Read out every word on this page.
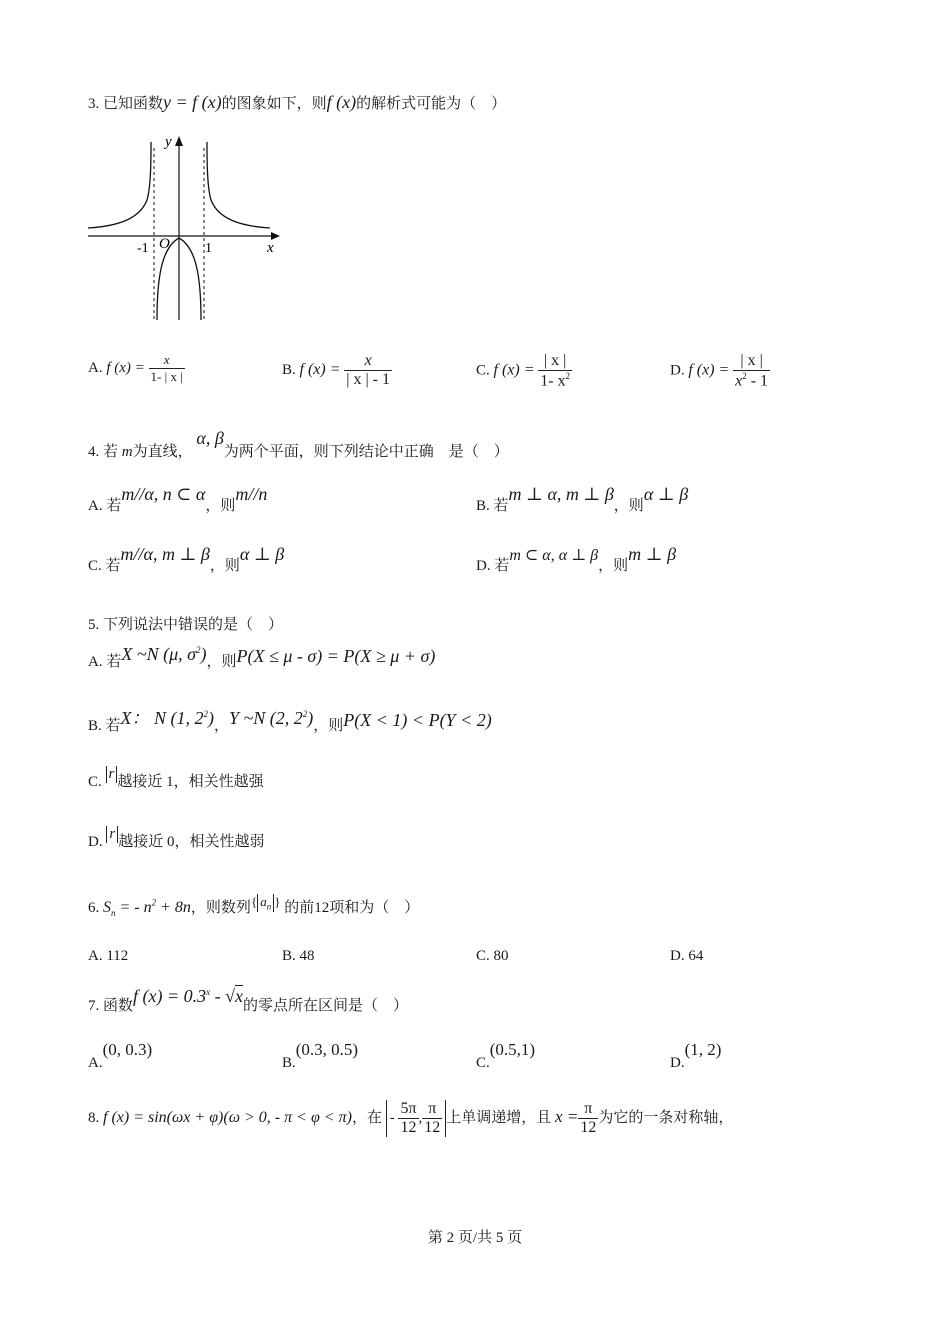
3. 已知函数y = f (x)的图象如下，则f (x)的解析式可能为（　）
y
x
O
-1	1
A. f $(x) = \frac{x}{1- | x |}$	B. f $(x) = \frac{x}{| x | - 1}$	C. f $(x) = \frac{| x |}{1- x^2}$	D. f $(x) = \frac{| x |}{x^2 - 1}$
4. 若 m为直线， α, β为两个平面，则下列结论中正确　是（　）
A. 若m//α, n ⊂ α，则m//n
B. 若m ⊥ α, m ⊥ β，则α ⊥ β
C. 若m//α, m ⊥ β，则α ⊥ β
D. 若m ⊂ α, α ⊥ β，则m ⊥ β
5. 下列说法中错误的是（　）
A. 若X ~N (μ, $\sigma^2$)，则P(X ≤ μ - σ) = P(X ≥ μ + σ)
B. 若X： N (1, $2^2$)，Y ~N (2, $2^2$)，则P(X < 1) < P(Y < 2)
C. r 越接近 1，相关性越强
D. r 越接近 0，相关性越弱
6. $S_n$ = - $n^2 + 8n$，则数列{ $a_n$ } 的前12项和为（　）
A. 112	B. 48	C. 80	D. 64
7. 函数f $(x) = 0.3^x - √x$的零点所在区间是（　）
A.(0, 0.3)
B.(0.3, 0.5)
C.(0.5,1)
D.(1, 2)
8. f (x) = sin(ωx + φ)(ω > 0, - π < φ < π)，在 - $\frac{5\pi}{12}$ , $\frac{\pi}{12}$ 上单调递增，且 $x = \frac{\pi}{12}$ 为它的一条对称轴，
第 2 页/共 5 页
